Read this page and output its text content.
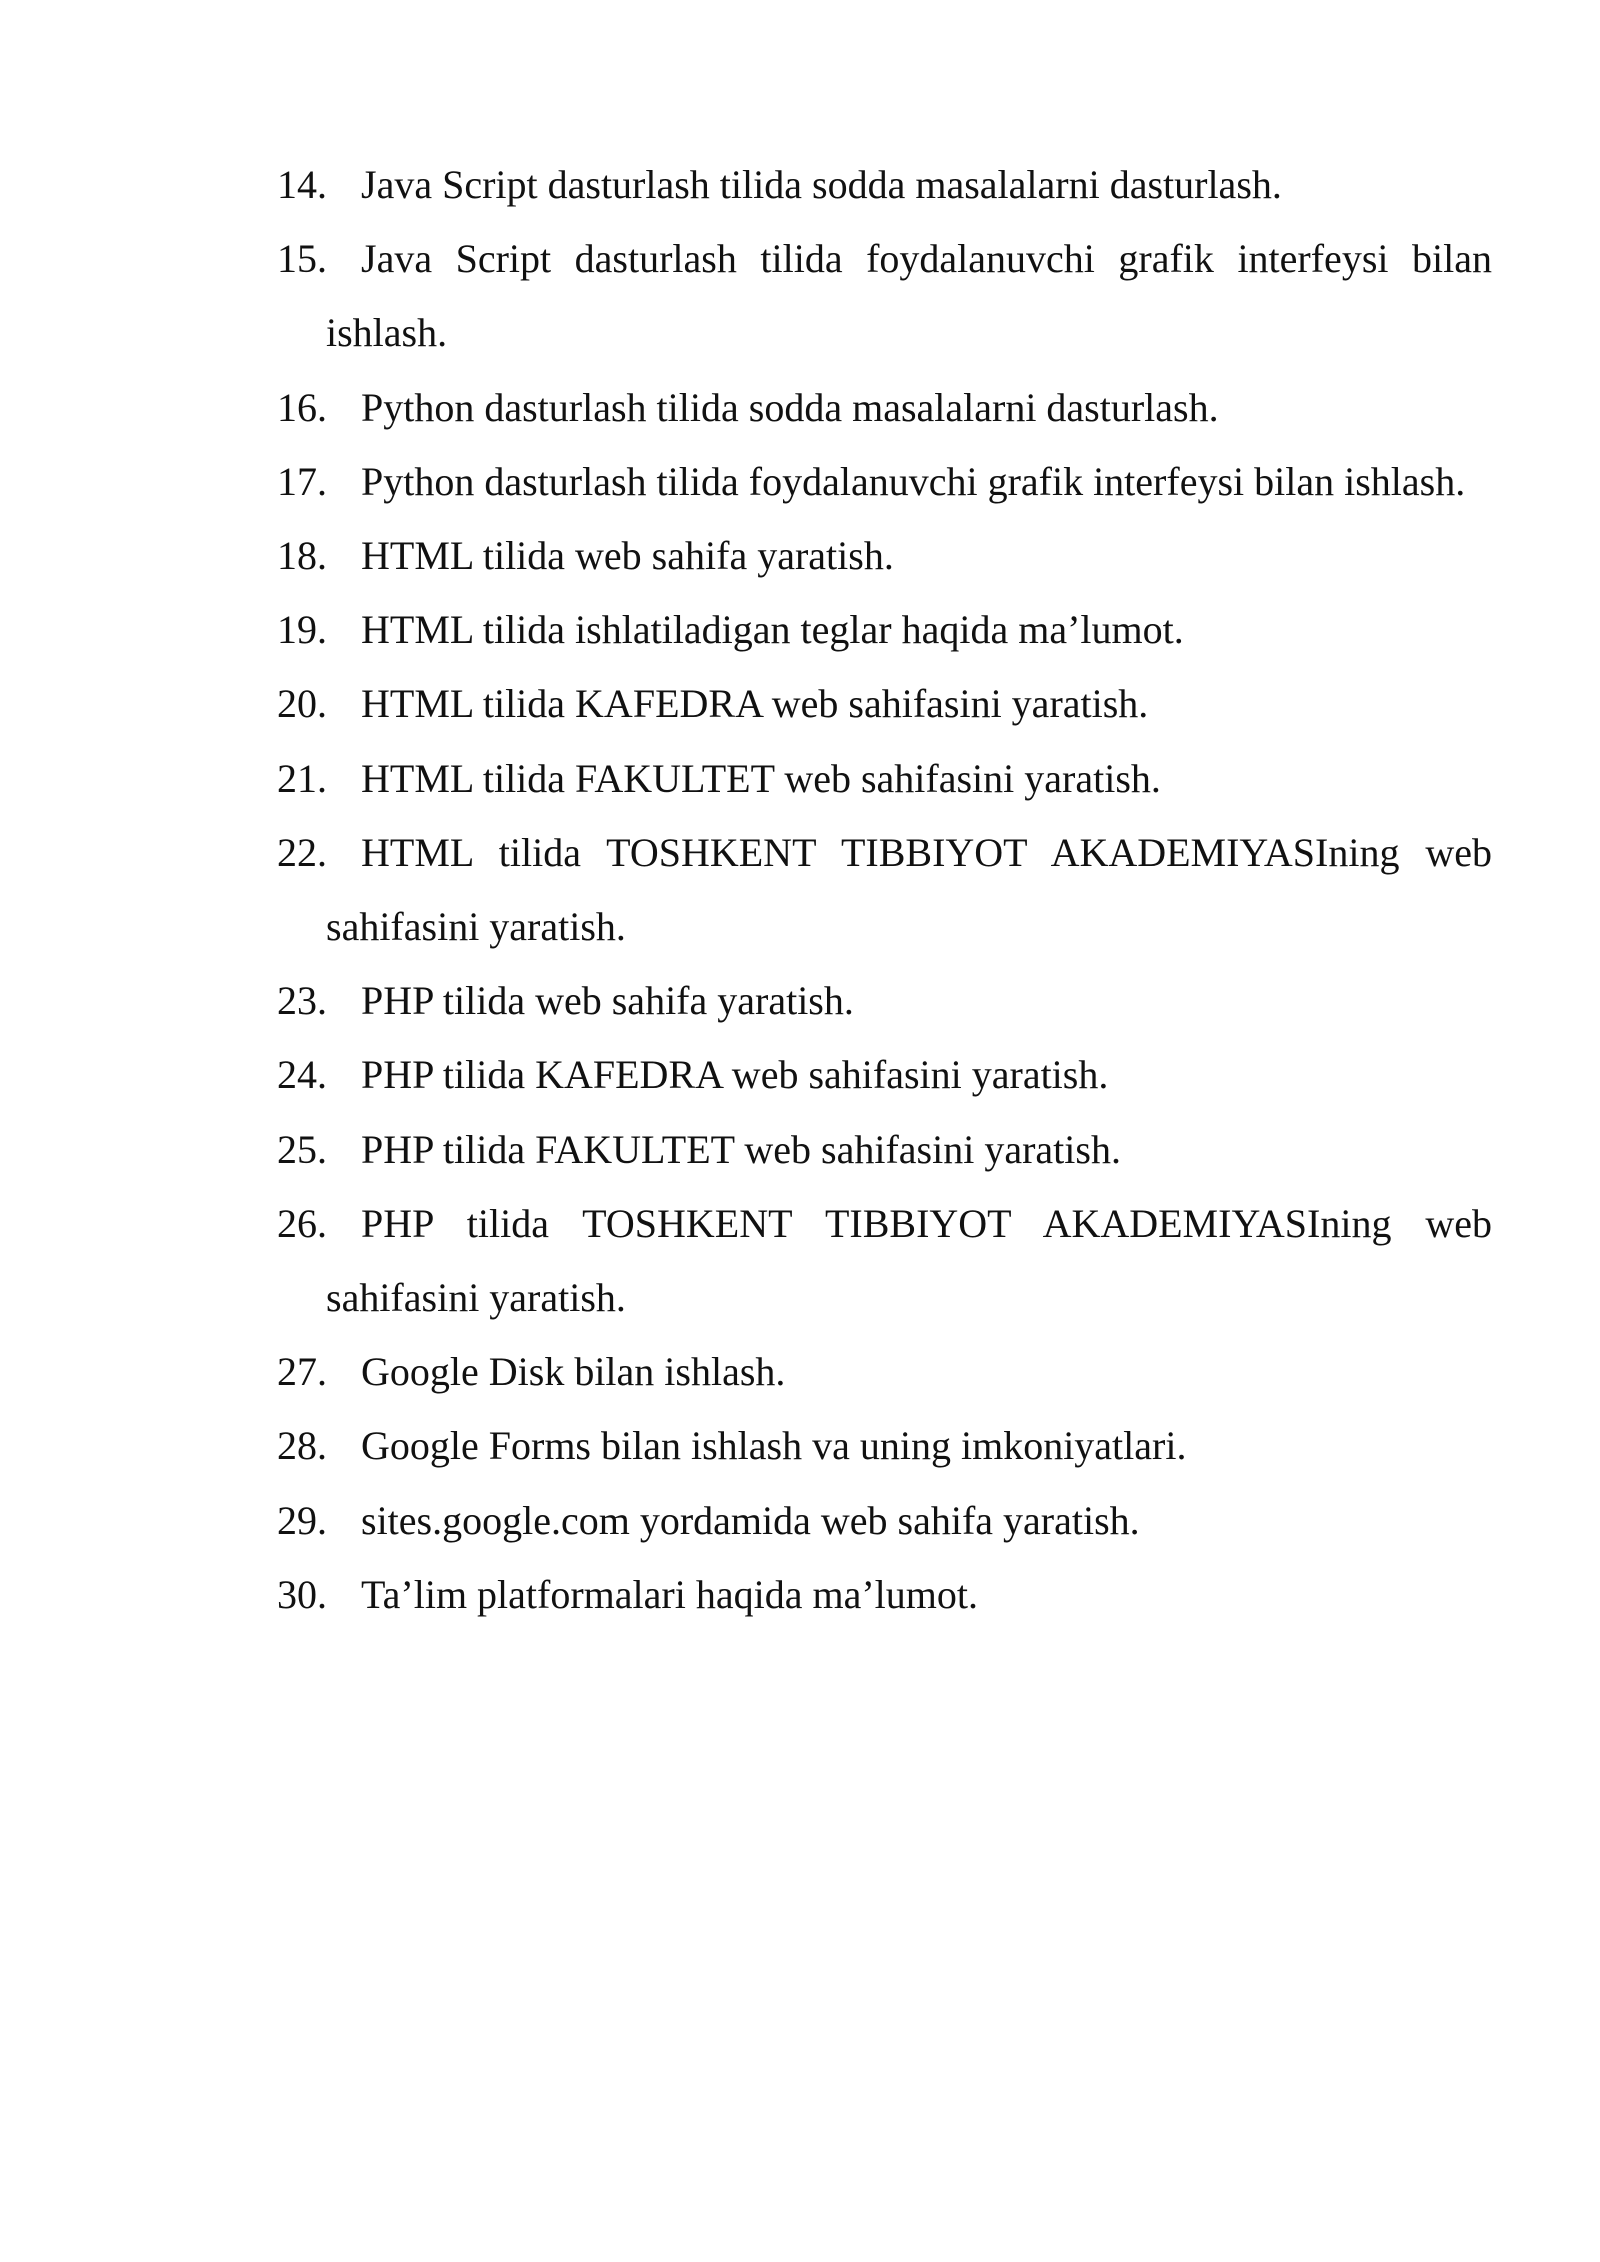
14. Java Script dasturlash tilida sodda masalalarni dasturlash.
15. Java Script dasturlash tilida foydalanuvchi grafik interfeysi bilan ishlash.
16. Python dasturlash tilida sodda masalalarni dasturlash.
17. Python dasturlash tilida foydalanuvchi grafik interfeysi bilan ishlash.
18. HTML tilida web sahifa yaratish.
19. HTML tilida ishlatiladigan teglar haqida ma’lumot.
20. HTML tilida KAFEDRA web sahifasini yaratish.
21. HTML tilida FAKULTET web sahifasini yaratish.
22. HTML tilida TOSHKENT TIBBIYOT AKADEMIYASIning web sahifasini yaratish.
23. PHP tilida web sahifa yaratish.
24. PHP tilida KAFEDRA web sahifasini yaratish.
25. PHP tilida FAKULTET web sahifasini yaratish.
26. PHP tilida TOSHKENT TIBBIYOT AKADEMIYASIning web sahifasini yaratish.
27. Google Disk bilan ishlash.
28. Google Forms bilan ishlash va uning imkoniyatlari.
29. sites.google.com yordamida web sahifa yaratish.
30. Ta’lim platformalari haqida ma’lumot.
